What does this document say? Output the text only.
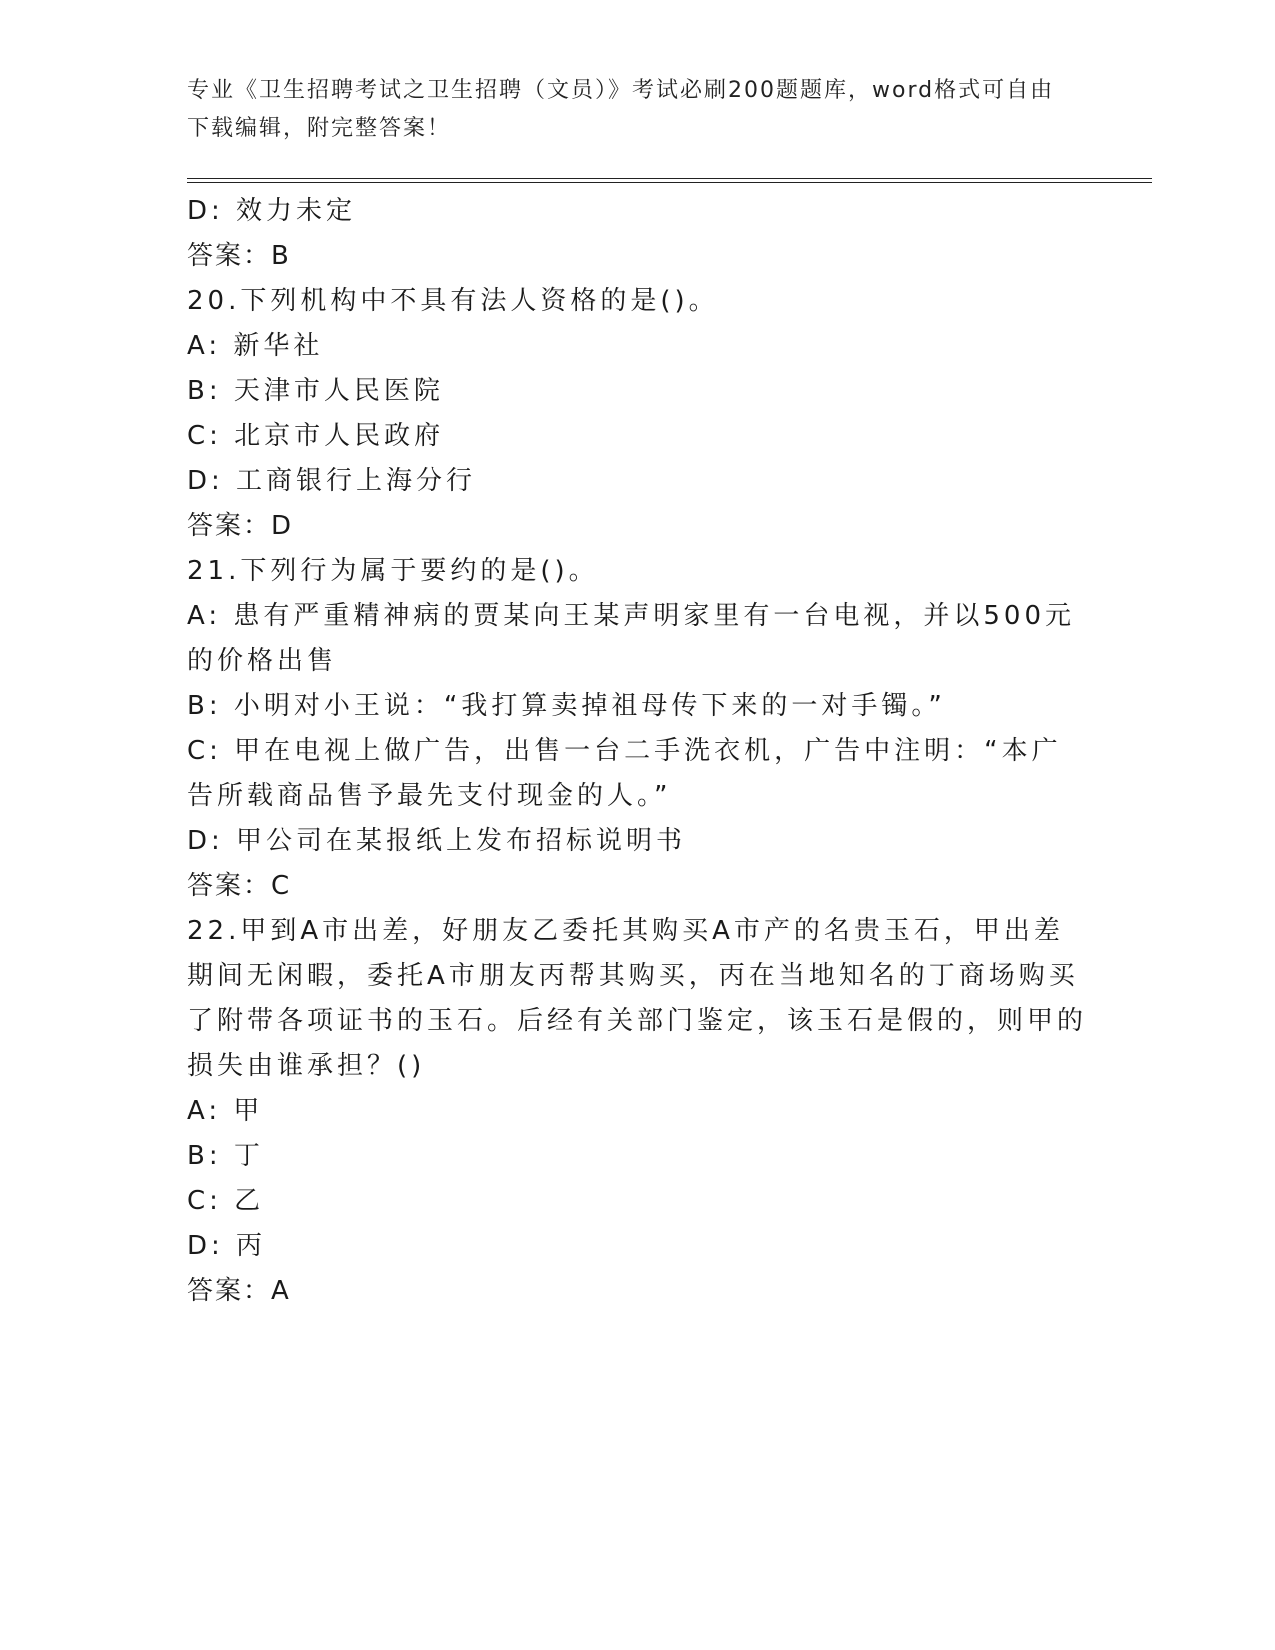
专业《卫生招聘考试之卫生招聘（文员）》考试必刷200题题库，word格式可自由下载编辑，附完整答案！

D: 效力未定

答案：B

20.下列机构中不具有法人资格的是()。

A: 新华社

B: 天津市人民医院

C: 北京市人民政府

D: 工商银行上海分行

答案：D

21.下列行为属于要约的是()。

A: 患有严重精神病的贾某向王某声明家里有一台电视，并以500元的价格出售

B: 小明对小王说：“我打算卖掉祖母传下来的一对手镯。”

C: 甲在电视上做广告，出售一台二手洗衣机，广告中注明：“本广告所载商品售予最先支付现金的人。”

D: 甲公司在某报纸上发布招标说明书

答案：C

22.甲到A市出差，好朋友乙委托其购买A市产的名贵玉石，甲出差期间无闲暇，委托A市朋友丙帮其购买，丙在当地知名的丁商场购买了附带各项证书的玉石。后经有关部门鉴定，该玉石是假的，则甲的损失由谁承担？()

A: 甲

B: 丁

C: 乙

D: 丙

答案：A
